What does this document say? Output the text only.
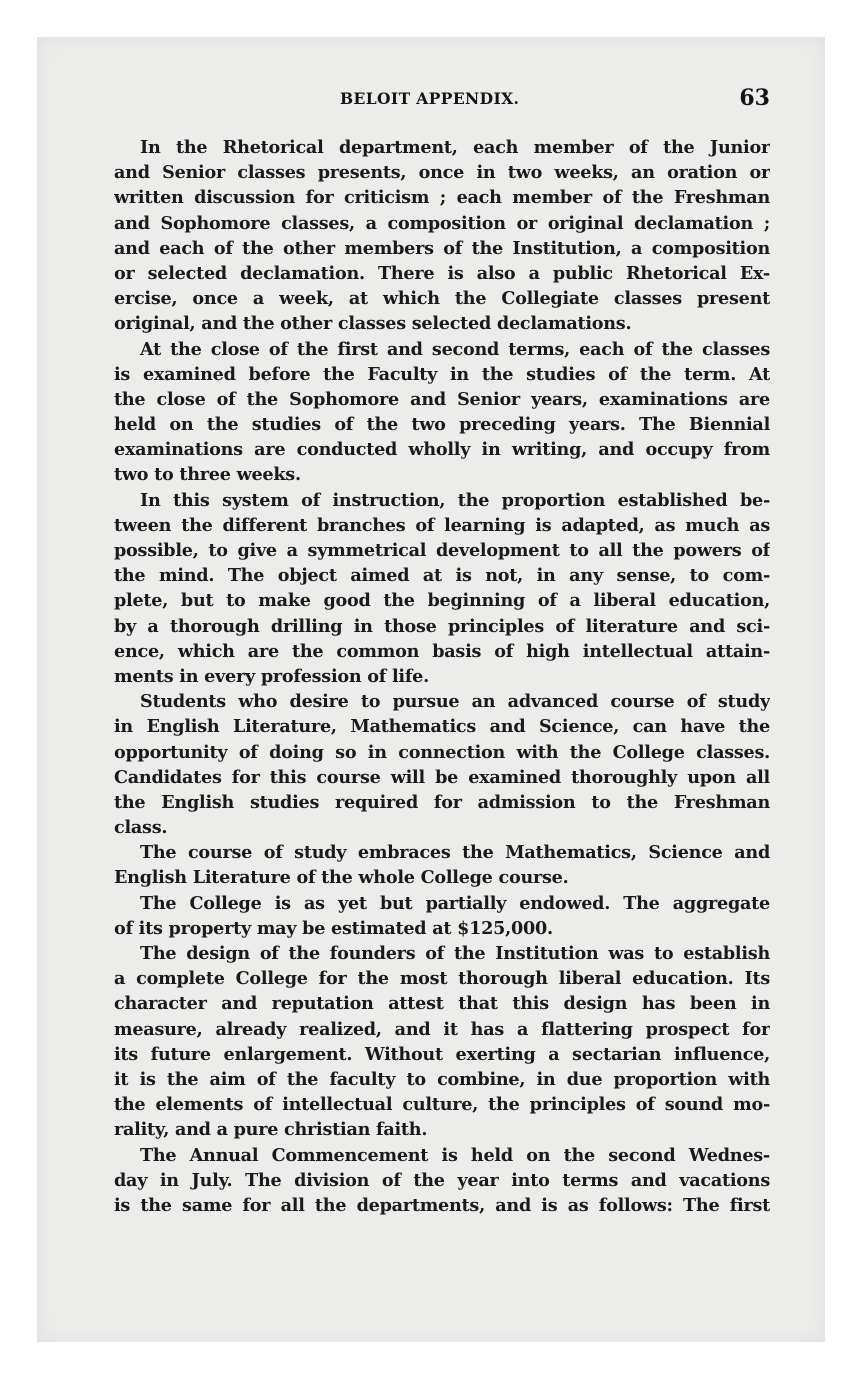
BELOIT APPENDIX.	63
In the Rhetorical department, each member of the Junior
and Senior classes presents, once in two weeks, an oration or
written discussion for criticism ; each member of the Freshman
and Sophomore classes, a composition or original declamation ;
and each of the other members of the Institution, a composition
or selected declamation. There is also a public Rhetorical Ex-
ercise, once a week, at which the Collegiate classes present
original, and the other classes selected declamations.
At the close of the first and second terms, each of the classes
is examined before the Faculty in the studies of the term. At
the close of the Sophomore and Senior years, examinations are
held on the studies of the two preceding years. The Biennial
examinations are conducted wholly in writing, and occupy from
two to three weeks.
In this system of instruction, the proportion established be-
tween the different branches of learning is adapted, as much as
possible, to give a symmetrical development to all the powers of
the mind. The object aimed at is not, in any sense, to com-
plete, but to make good the beginning of a liberal education,
by a thorough drilling in those principles of literature and sci-
ence, which are the common basis of high intellectual attain-
ments in every profession of life.
Students who desire to pursue an advanced course of study
in English Literature, Mathematics and Science, can have the
opportunity of doing so in connection with the College classes.
Candidates for this course will be examined thoroughly upon all
the English studies required for admission to the Freshman
class.
The course of study embraces the Mathematics, Science and
English Literature of the whole College course.
The College is as yet but partially endowed. The aggregate
of its property may be estimated at $125,000.
The design of the founders of the Institution was to establish
a complete College for the most thorough liberal education. Its
character and reputation attest that this design has been in
measure, already realized, and it has a flattering prospect for
its future enlargement. Without exerting a sectarian influence,
it is the aim of the faculty to combine, in due proportion with
the elements of intellectual culture, the principles of sound mo-
rality, and a pure christian faith.
The Annual Commencement is held on the second Wednes-
day in July. The division of the year into terms and vacations
is the same for all the departments, and is as follows: The first
